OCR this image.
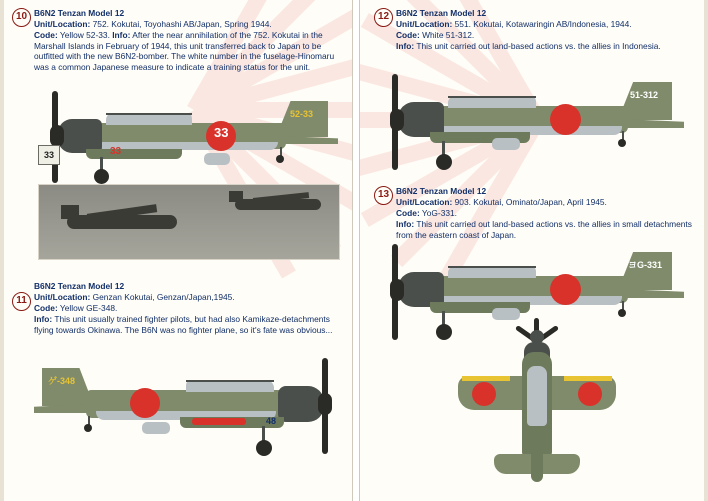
10 B6N2 Tenzan Model 12
Unit/Location: 752. Kokutai, Toyohashi AB/Japan, Spring 1944.
Code: Yellow 52-33. Info: After the near annihilation of the 752. Kokutai in the Marshall Islands in February of 1944, this unit transferred back to Japan to be outfitted with the new B6N2-bomber. The white number in the fuselage-Hinomaru was a common Japanese measure to indicate a training status for the unit.
52-33
33
33
33
11
B6N2 Tenzan Model 12
Unit/Location: Genzan Kokutai, Genzan/Japan,1945.
Code: Yellow GE-348.
Info: This unit usually trained fighter pilots, but had also Kamikaze-detachments flying towards Okinawa. The B6N was no fighter plane, so it's fate was obvious...
ゲ-348
48
12 B6N2 Tenzan Model 12
Unit/Location: 551. Kokutai, Kotawaringin AB/Indonesia, 1944.
Code: White 51-312.
Info: This unit carried out land-based actions vs. the allies in Indonesia.
51-312
13 B6N2 Tenzan Model 12
Unit/Location: 903. Kokutai, Ominato/Japan, April 1945.
Code: YoG-331.
Info: This unit carried out land-based actions vs. the allies in small detachments from the eastern coast of Japan.
ヨG-331
